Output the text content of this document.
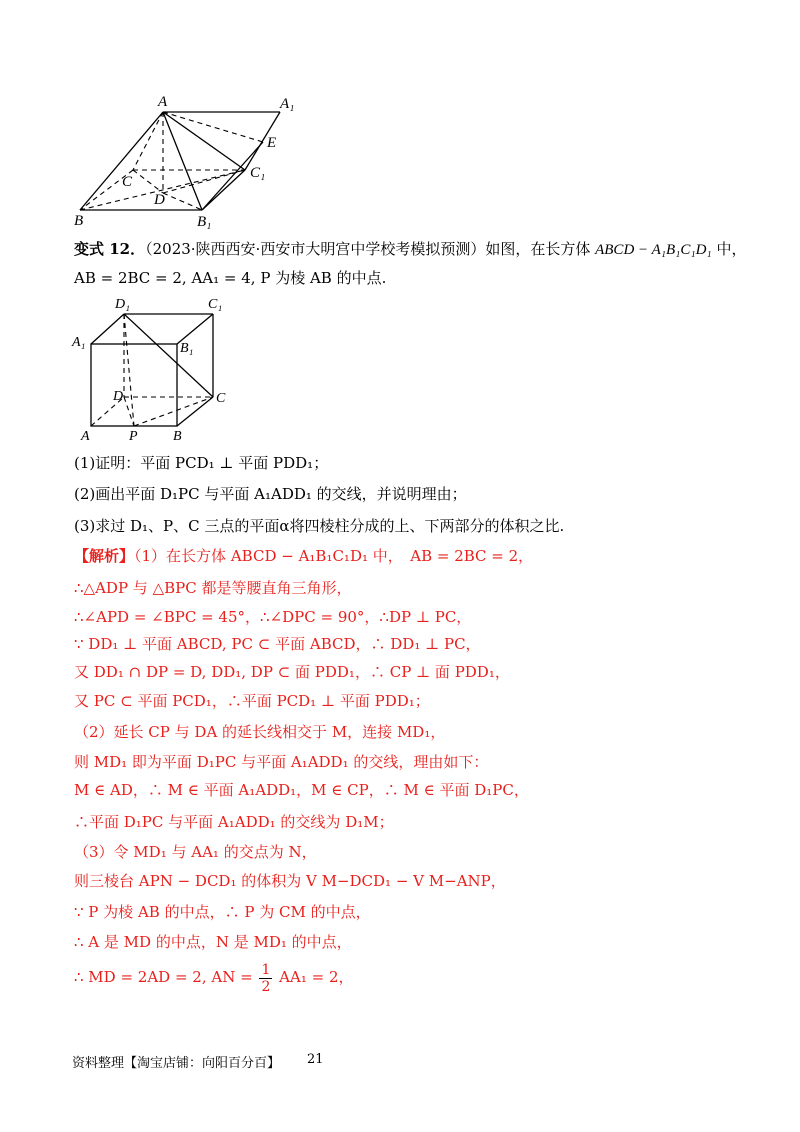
A	A₁
E
C
C₁
D
B	B₁
变式 12．（2023·陕西西安·西安市大明宫中学校考模拟预测）如图，在长方体 ABCD − A₁B₁C₁D₁ 中，
AB = 2BC = 2, AA₁ = 4, P 为棱 AB 的中点.
D₁	C₁
A₁	B₁
D	C
A	P	B
(1)证明：平面 PCD₁ ⊥ 平面 PDD₁；
(2)画出平面 D₁PC 与平面 A₁ADD₁ 的交线，并说明理由；
(3)求过 D₁、P、C 三点的平面α将四棱柱分成的上、下两部分的体积之比.
【解析】（1）在长方体 ABCD − A₁B₁C₁D₁ 中，　AB = 2BC = 2，
∴△ADP 与 △BPC 都是等腰直角三角形，
∴∠APD = ∠BPC = 45°，∴∠DPC = 90°，∴DP ⊥ PC，
∵ DD₁ ⊥ 平面 ABCD, PC ⊂ 平面 ABCD，∴ DD₁ ⊥ PC，
又 DD₁ ∩ DP = D, DD₁, DP ⊂ 面 PDD₁，∴ CP ⊥ 面 PDD₁，
又 PC ⊂ 平面 PCD₁，∴平面 PCD₁ ⊥ 平面 PDD₁；
（2）延长 CP 与 DA 的延长线相交于 M，连接 MD₁，
则 MD₁ 即为平面 D₁PC 与平面 A₁ADD₁ 的交线，理由如下：
M ∈ AD，∴ M ∈ 平面 A₁ADD₁，M ∈ CP，∴ M ∈ 平面 D₁PC，
∴平面 D₁PC 与平面 A₁ADD₁ 的交线为 D₁M；
（3）令 MD₁ 与 AA₁ 的交点为 N，
则三棱台 APN − DCD₁ 的体积为 V M−DCD₁ − V M−ANP，
∵ P 为棱 AB 的中点，∴ P 为 CM 的中点，
∴ A 是 MD 的中点，N 是 MD₁ 的中点，
∴ MD = 2AD = 2, AN = $\frac{1}{2} AA_1 = 2$，
资料整理【淘宝店铺：向阳百分百】 21
